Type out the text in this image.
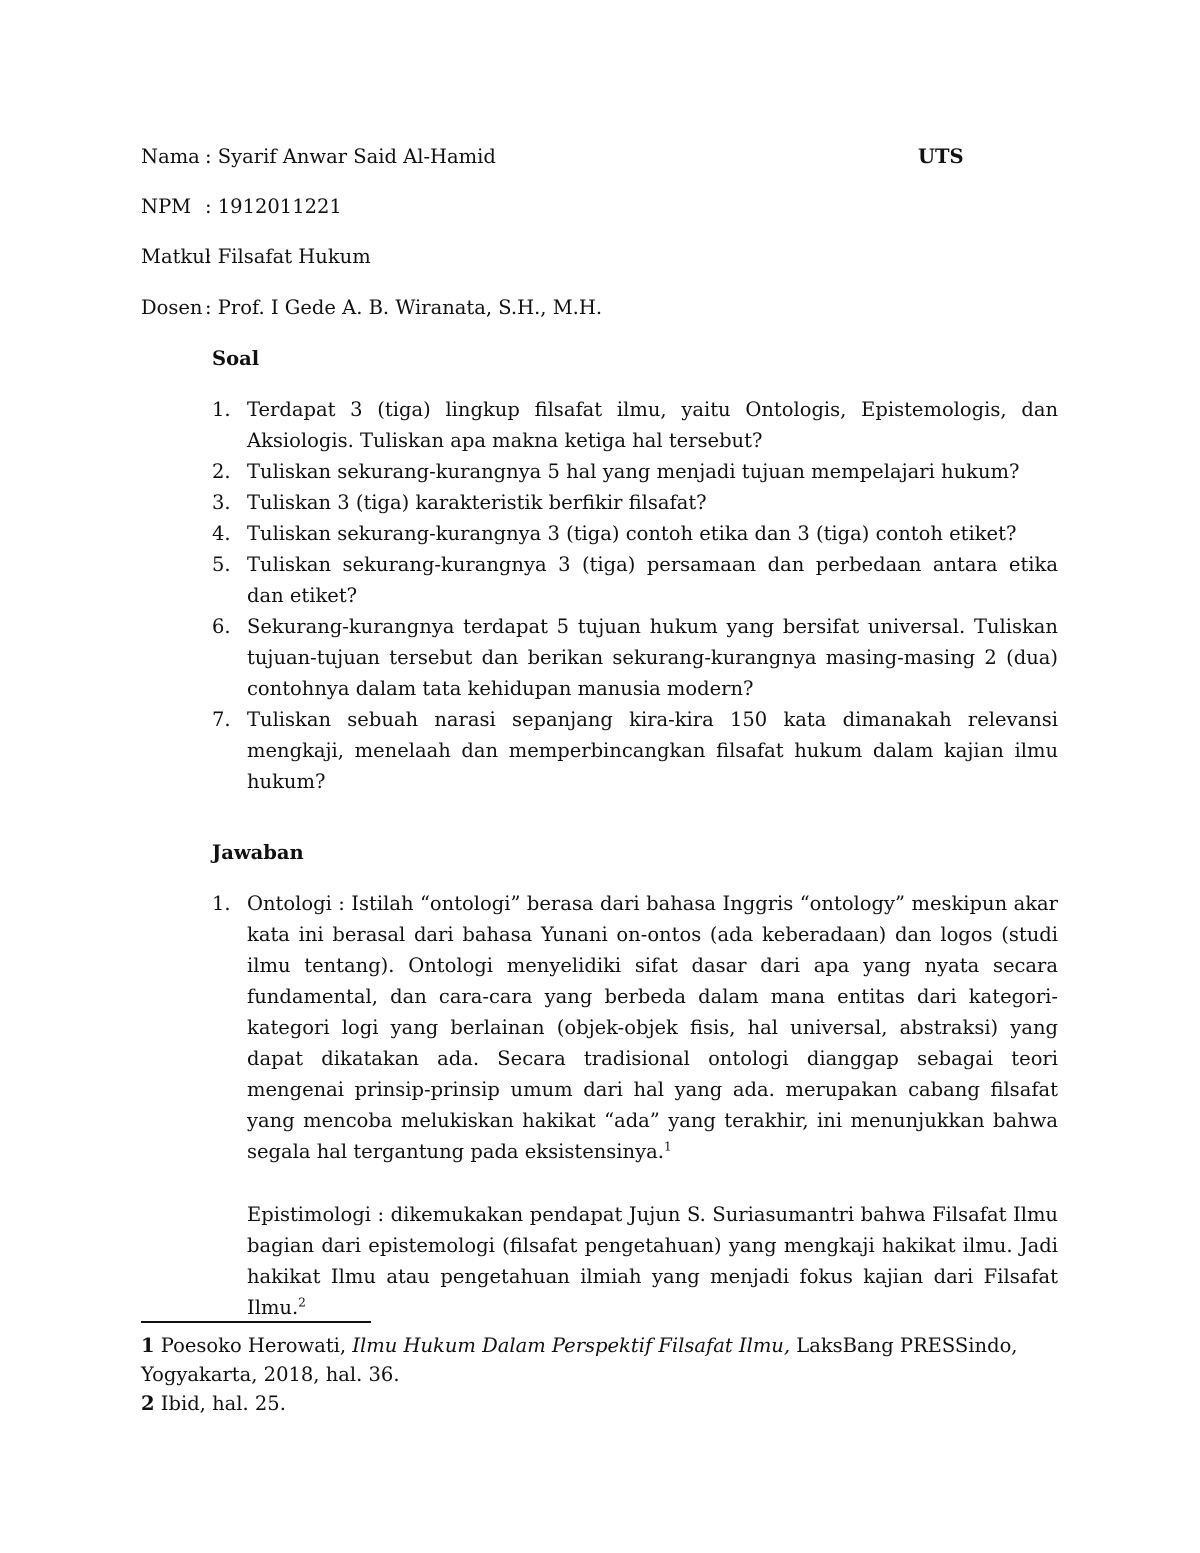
Nama : Syarif Anwar Said Al-Hamid	UTS
NPM : 1912011221
Matkul: Filsafat Hukum
Dosen : Prof. I Gede A. B. Wiranata, S.H., M.H.
Soal
1. Terdapat 3 (tiga) lingkup filsafat ilmu, yaitu Ontologis, Epistemologis, dan Aksiologis. Tuliskan apa makna ketiga hal tersebut?
2. Tuliskan sekurang-kurangnya 5 hal yang menjadi tujuan mempelajari hukum?
3. Tuliskan 3 (tiga) karakteristik berfikir filsafat?
4. Tuliskan sekurang-kurangnya 3 (tiga) contoh etika dan 3 (tiga) contoh etiket?
5. Tuliskan sekurang-kurangnya 3 (tiga) persamaan dan perbedaan antara etika dan etiket?
6. Sekurang-kurangnya terdapat 5 tujuan hukum yang bersifat universal. Tuliskan tujuan-tujuan tersebut dan berikan sekurang-kurangnya masing-masing 2 (dua) contohnya dalam tata kehidupan manusia modern?
7. Tuliskan sebuah narasi sepanjang kira-kira 150 kata dimanakah relevansi mengkaji, menelaah dan memperbincangkan filsafat hukum dalam kajian ilmu hukum?
Jawaban
1. Ontologi : Istilah “ontologi” berasa dari bahasa Inggris “ontology” meskipun akar kata ini berasal dari bahasa Yunani on-ontos (ada keberadaan) dan logos (studi ilmu tentang). Ontologi menyelidiki sifat dasar dari apa yang nyata secara fundamental, dan cara-cara yang berbeda dalam mana entitas dari kategori-kategori logi yang berlainan (objek-objek fisis, hal universal, abstraksi) yang dapat dikatakan ada. Secara tradisional ontologi dianggap sebagai teori mengenai prinsip-prinsip umum dari hal yang ada. merupakan cabang filsafat yang mencoba melukiskan hakikat “ada” yang terakhir, ini menunjukkan bahwa segala hal tergantung pada eksistensinya.$^1$
Epistimologi : dikemukakan pendapat Jujun S. Suriasumantri bahwa Filsafat Ilmu bagian dari epistemologi (filsafat pengetahuan) yang mengkaji hakikat ilmu. Jadi hakikat Ilmu atau pengetahuan ilmiah yang menjadi fokus kajian dari Filsafat Ilmu.$^2$
1 Poesoko Herowati, Ilmu Hukum Dalam Perspektif Filsafat Ilmu, LaksBang PRESSindo, Yogyakarta, 2018, hal. 36.
2 Ibid, hal. 25.
